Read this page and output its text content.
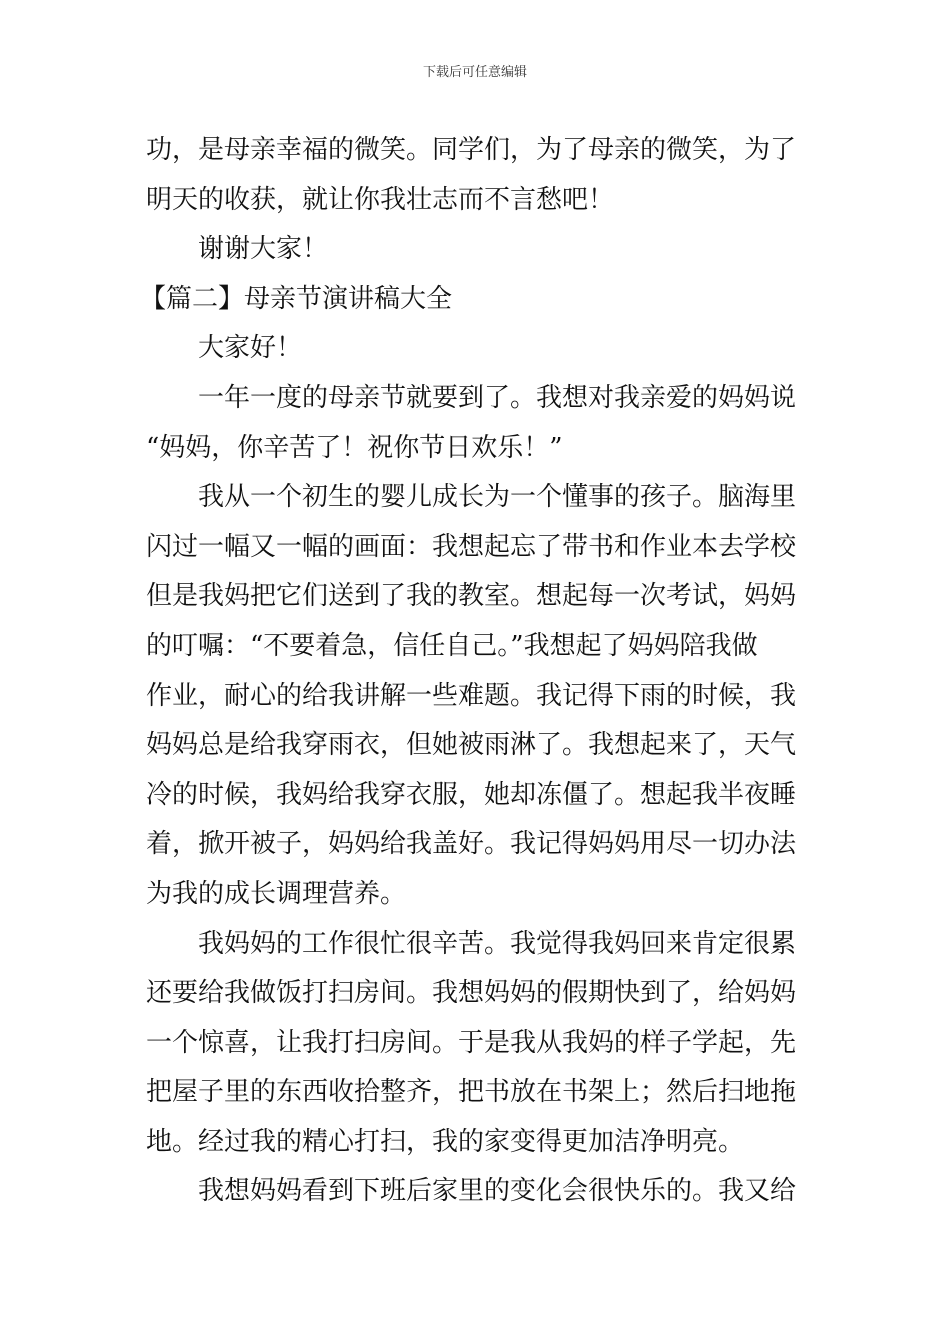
下载后可任意编辑
功，是母亲幸福的微笑。同学们，为了母亲的微笑，为了
明天的收获，就让你我壮志而不言愁吧！
谢谢大家！
【篇二】母亲节演讲稿大全
大家好！
一年一度的母亲节就要到了。我想对我亲爱的妈妈说
“妈妈，你辛苦了！祝你节日欢乐！”
我从一个初生的婴儿成长为一个懂事的孩子。脑海里
闪过一幅又一幅的画面：我想起忘了带书和作业本去学校
但是我妈把它们送到了我的教室。想起每一次考试，妈妈
的叮嘱：“不要着急，信任自己。”我想起了妈妈陪我做
作业，耐心的给我讲解一些难题。我记得下雨的时候，我
妈妈总是给我穿雨衣，但她被雨淋了。我想起来了，天气
冷的时候，我妈给我穿衣服，她却冻僵了。想起我半夜睡
着，掀开被子，妈妈给我盖好。我记得妈妈用尽一切办法
为我的成长调理营养。
我妈妈的工作很忙很辛苦。我觉得我妈回来肯定很累
还要给我做饭打扫房间。我想妈妈的假期快到了，给妈妈
一个惊喜，让我打扫房间。于是我从我妈的样子学起，先
把屋子里的东西收拾整齐，把书放在书架上；然后扫地拖
地。经过我的精心打扫，我的家变得更加洁净明亮。
我想妈妈看到下班后家里的变化会很快乐的。我又给
